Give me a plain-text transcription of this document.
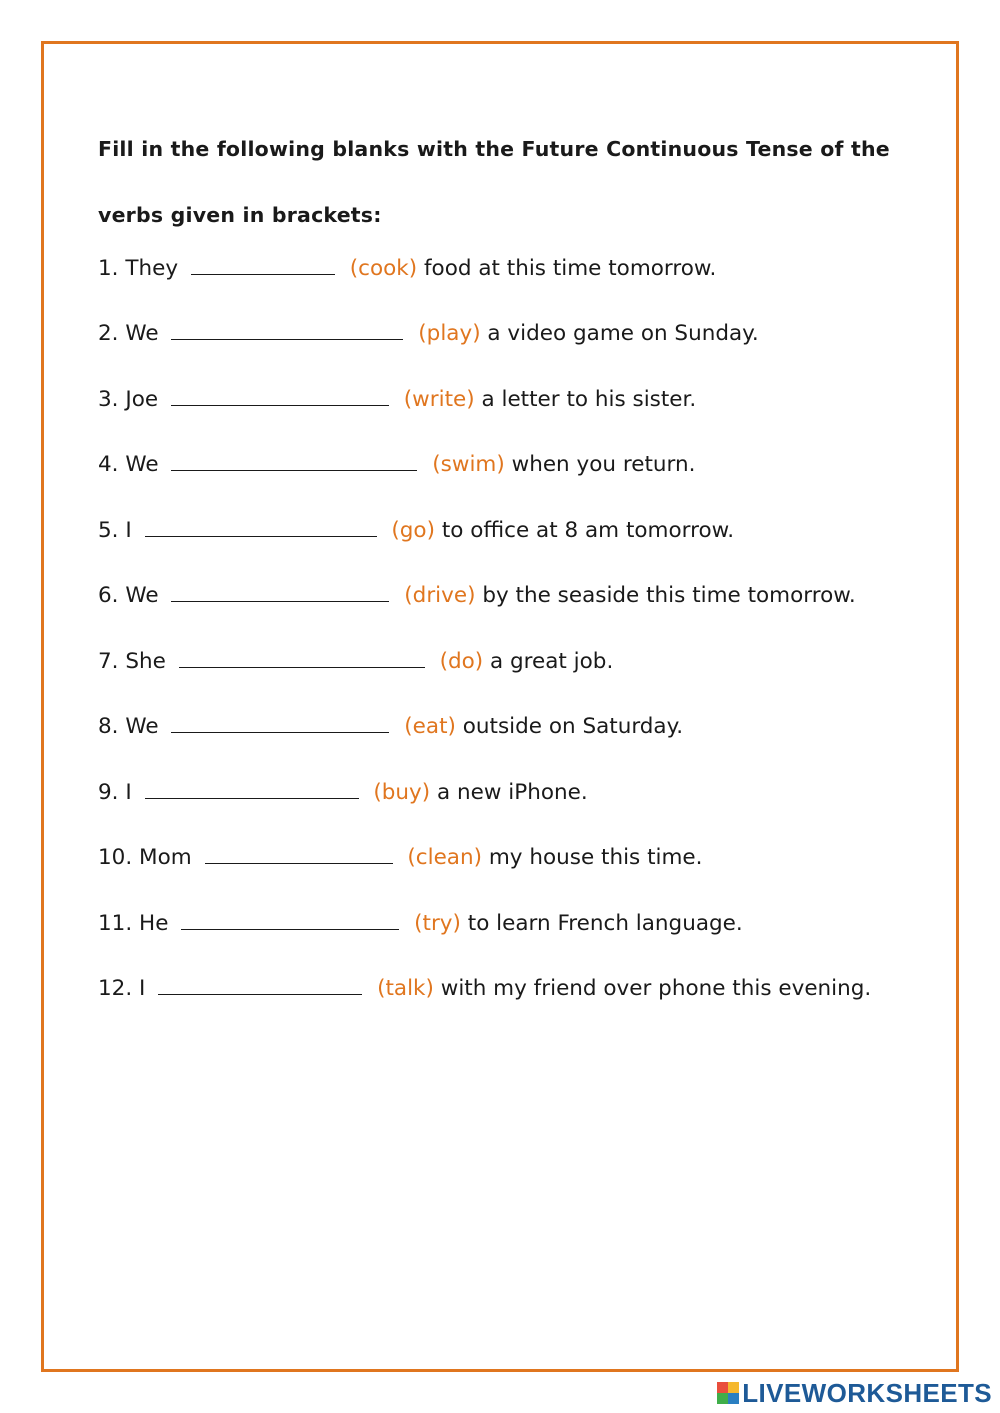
Fill in the following blanks with the Future Continuous Tense of the verbs given in brackets:
1. They	(cook) food at this time tomorrow.
2. We	(play) a video game on Sunday.
3. Joe	(write) a letter to his sister.
4. We	(swim) when you return.
5. I	(go) to office at 8 am tomorrow.
6. We	(drive) by the seaside this time tomorrow.
7. She	(do) a great job.
8. We	(eat) outside on Saturday.
9. I	(buy) a new iPhone.
10. Mom	(clean) my house this time.
11. He	(try) to learn French language.
12. I	(talk) with my friend over phone this evening.
LIVEWORKSHEETS
